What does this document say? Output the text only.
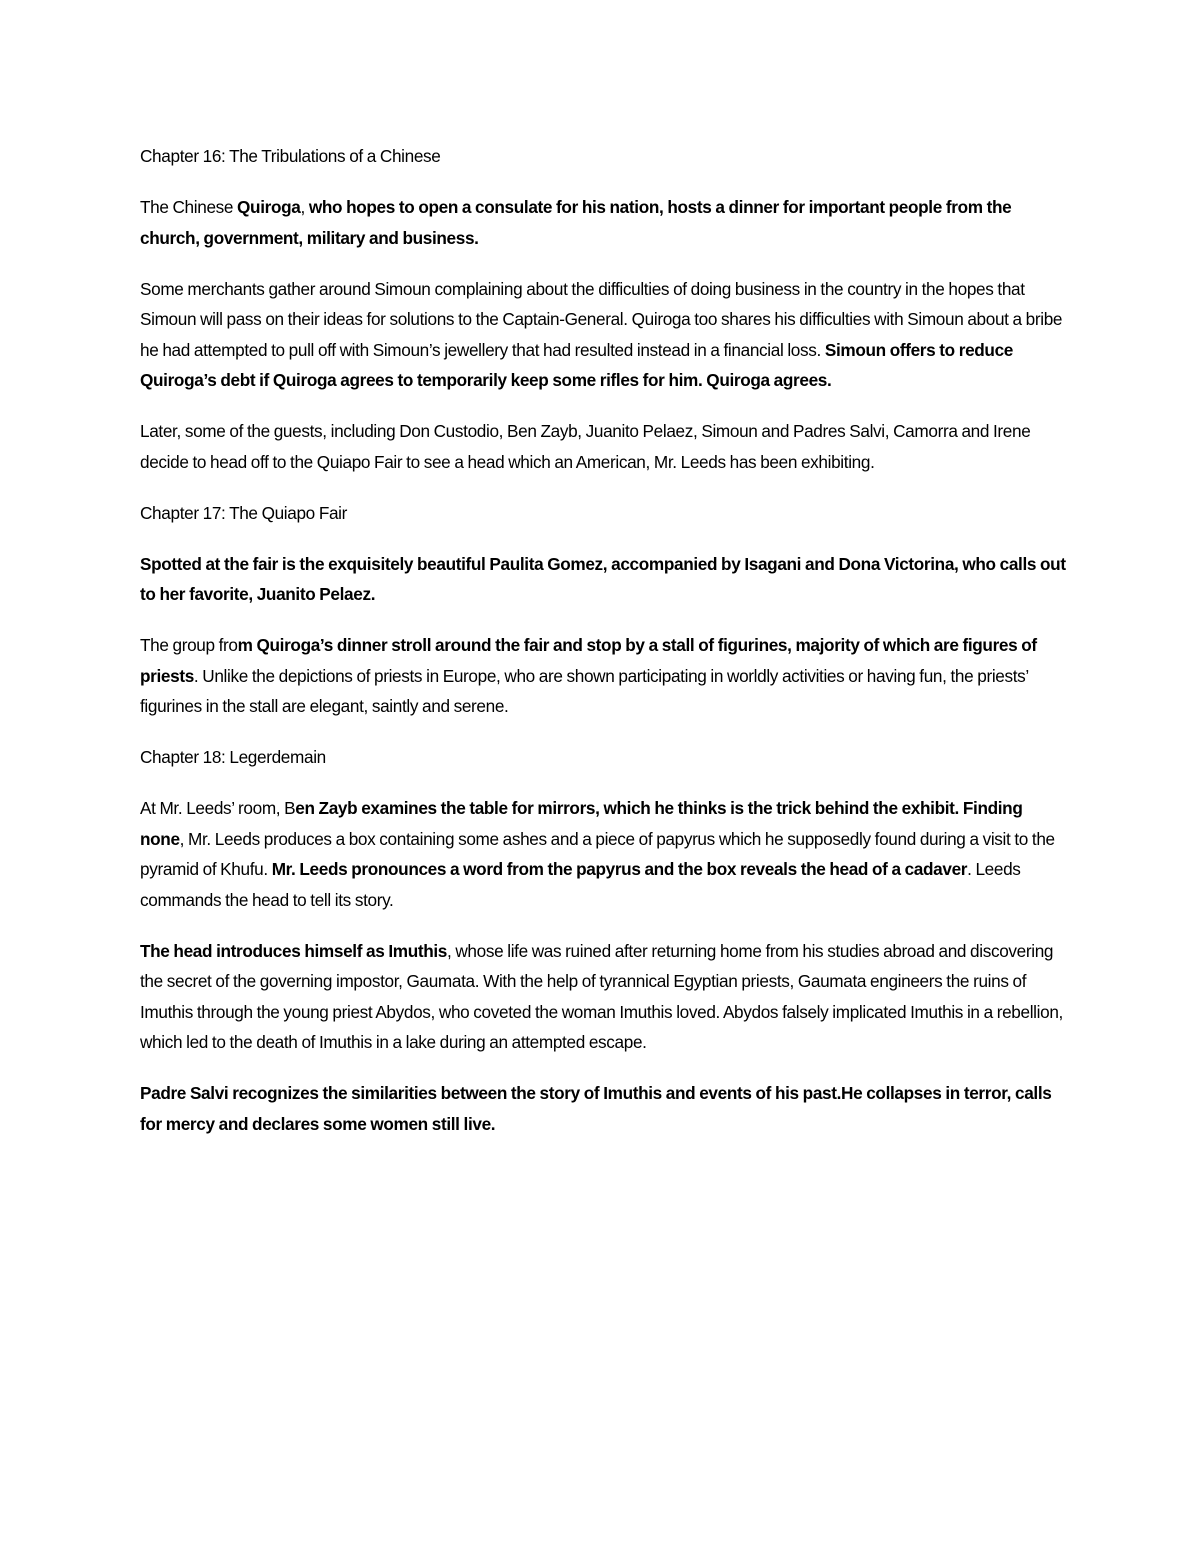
Chapter 16: The Tribulations of a Chinese

The Chinese Quiroga, who hopes to open a consulate for his nation, hosts a dinner for important people from the church, government, military and business.

Some merchants gather around Simoun complaining about the difficulties of doing business in the country in the hopes that Simoun will pass on their ideas for solutions to the Captain-General. Quiroga too shares his difficulties with Simoun about a bribe he had attempted to pull off with Simoun’s jewellery that had resulted instead in a financial loss. Simoun offers to reduce Quiroga’s debt if Quiroga agrees to temporarily keep some rifles for him. Quiroga agrees.

Later, some of the guests, including Don Custodio, Ben Zayb, Juanito Pelaez, Simoun and Padres Salvi, Camorra and Irene decide to head off to the Quiapo Fair to see a head which an American, Mr. Leeds has been exhibiting.

Chapter 17: The Quiapo Fair

Spotted at the fair is the exquisitely beautiful Paulita Gomez, accompanied by Isagani and Dona Victorina, who calls out to her favorite, Juanito Pelaez.

The group from Quiroga’s dinner stroll around the fair and stop by a stall of figurines, majority of which are figures of priests. Unlike the depictions of priests in Europe, who are shown participating in worldly activities or having fun, the priests’ figurines in the stall are elegant, saintly and serene.

Chapter 18: Legerdemain

At Mr. Leeds’ room, Ben Zayb examines the table for mirrors, which he thinks is the trick behind the exhibit. Finding none, Mr. Leeds produces a box containing some ashes and a piece of papyrus which he supposedly found during a visit to the pyramid of Khufu. Mr. Leeds pronounces a word from the papyrus and the box reveals the head of a cadaver. Leeds commands the head to tell its story.

The head introduces himself as Imuthis, whose life was ruined after returning home from his studies abroad and discovering the secret of the governing impostor, Gaumata. With the help of tyrannical Egyptian priests, Gaumata engineers the ruins of Imuthis through the young priest Abydos, who coveted the woman Imuthis loved. Abydos falsely implicated Imuthis in a rebellion, which led to the death of Imuthis in a lake during an attempted escape.

Padre Salvi recognizes the similarities between the story of Imuthis and events of his past.He collapses in terror, calls for mercy and declares some women still live.
